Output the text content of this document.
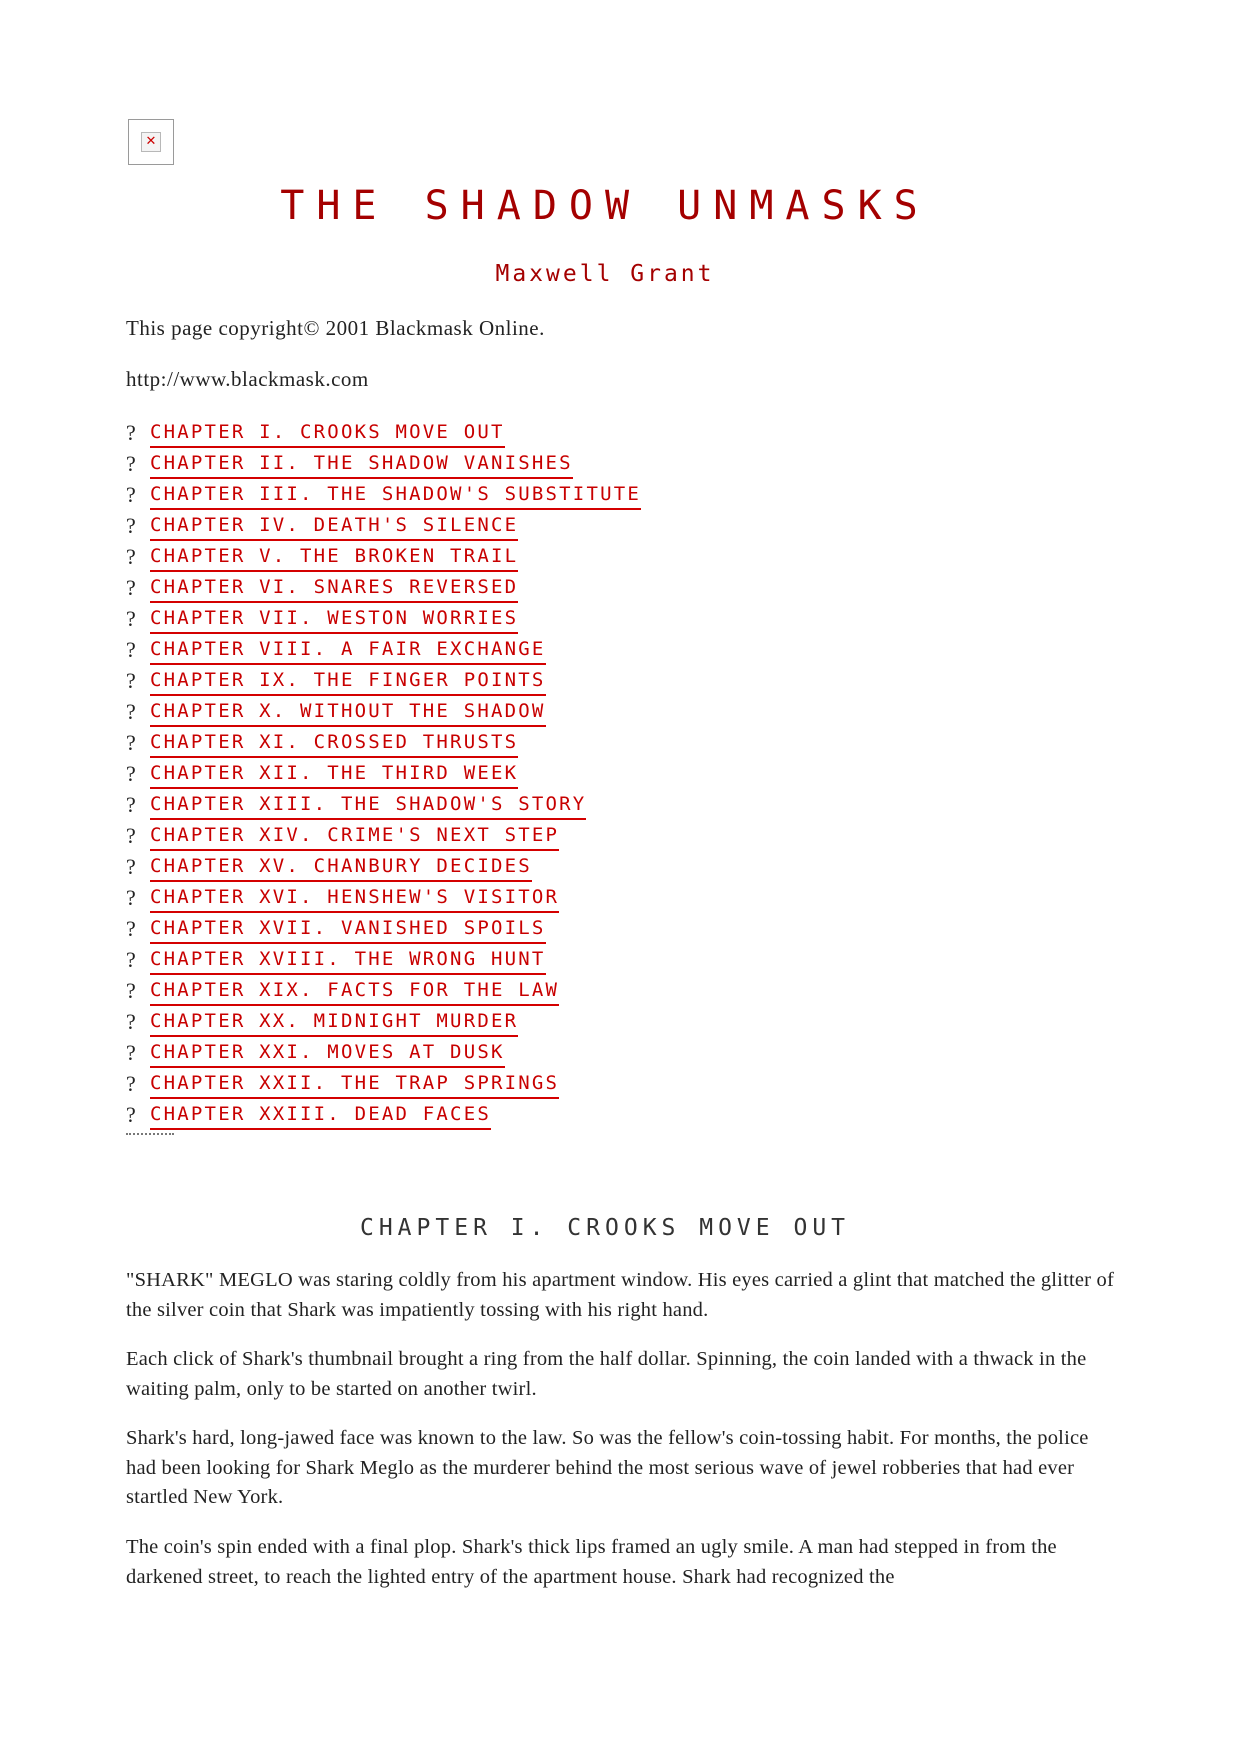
✕
THE SHADOW UNMASKS
Maxwell Grant
This page copyright© 2001 Blackmask Online.
http://www.blackmask.com
? CHAPTER I. CROOKS MOVE OUT
? CHAPTER II. THE SHADOW VANISHES
? CHAPTER III. THE SHADOW'S SUBSTITUTE
? CHAPTER IV. DEATH'S SILENCE
? CHAPTER V. THE BROKEN TRAIL
? CHAPTER VI. SNARES REVERSED
? CHAPTER VII. WESTON WORRIES
? CHAPTER VIII. A FAIR EXCHANGE
? CHAPTER IX. THE FINGER POINTS
? CHAPTER X. WITHOUT THE SHADOW
? CHAPTER XI. CROSSED THRUSTS
? CHAPTER XII. THE THIRD WEEK
? CHAPTER XIII. THE SHADOW'S STORY
? CHAPTER XIV. CRIME'S NEXT STEP
? CHAPTER XV. CHANBURY DECIDES
? CHAPTER XVI. HENSHEW'S VISITOR
? CHAPTER XVII. VANISHED SPOILS
? CHAPTER XVIII. THE WRONG HUNT
? CHAPTER XIX. FACTS FOR THE LAW
? CHAPTER XX. MIDNIGHT MURDER
? CHAPTER XXI. MOVES AT DUSK
? CHAPTER XXII. THE TRAP SPRINGS
? CHAPTER XXIII. DEAD FACES
CHAPTER I. CROOKS MOVE OUT

"SHARK" MEGLO was staring coldly from his apartment window. His eyes carried a glint that matched the glitter of the silver coin that Shark was impatiently tossing with his right hand.

Each click of Shark's thumbnail brought a ring from the half dollar. Spinning, the coin landed with a thwack in the waiting palm, only to be started on another twirl.

Shark's hard, long-jawed face was known to the law. So was the fellow's coin-tossing habit. For months, the police had been looking for Shark Meglo as the murderer behind the most serious wave of jewel robberies that had ever startled New York.

The coin's spin ended with a final plop. Shark's thick lips framed an ugly smile. A man had stepped in from the darkened street, to reach the lighted entry of the apartment house. Shark had recognized the
